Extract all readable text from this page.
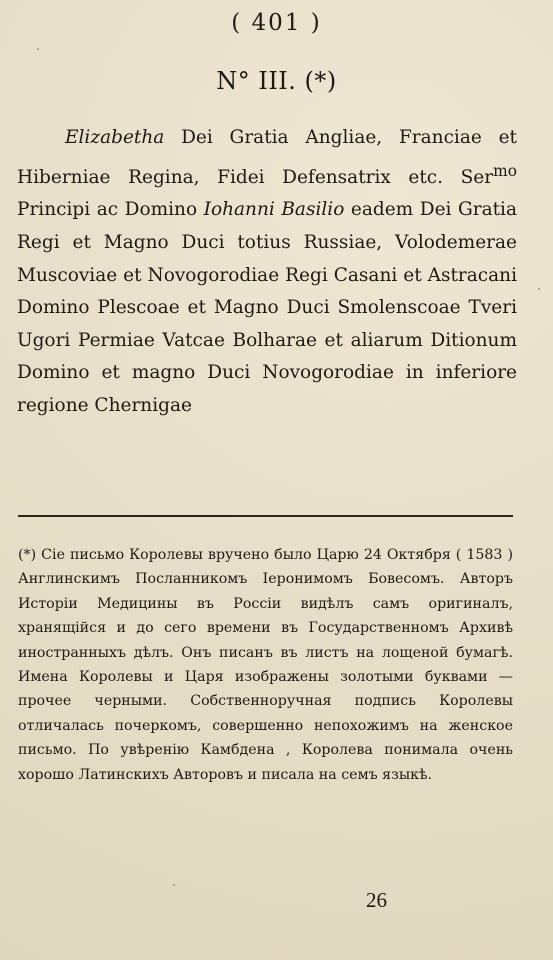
( 401 )
N° III. (*)

Elizabetha Dei Gratia Angliae, Franciae et Hiberniae Regina, Fidei Defensatrix etc. Ser$^{mo}$ Principi ac Domino Iohanni Basilio eadem Dei Gratia Regi et Magno Duci totius Russiae, Volodemerae Muscoviae et Novogorodiae Regi Casani et Astracani Domino Plescoae et Magno Duci Smolenscoae Tveri Ugori Permiae Vatcae Bolharae et aliarum Ditionum Domino et magno Duci Novogorodiae in inferiore regione Chernigae

(*) Сіе письмо Королевы вручено было Царю 24 Октября ( 1583 ) Англинскимъ Посланникомъ Іеронимомъ Бовесомъ. Авторъ Исторіи Медицины въ Россіи видѣлъ самъ оригиналъ, хранящійся и до сего времени въ Государственномъ Архивѣ иностранныхъ дѣлъ. Онъ писанъ въ листъ на лощеной бумагѣ. Имена Королевы и Царя изображены золотыми буквами — прочее черными. Собственноручная подпись Королевы отличалась почеркомъ, совершенно непохожимъ на женское письмо. По увѣренію Камбдена , Королева понимала очень хорошо Латинскихъ Авторовъ и писала на семъ языкѣ.

26
